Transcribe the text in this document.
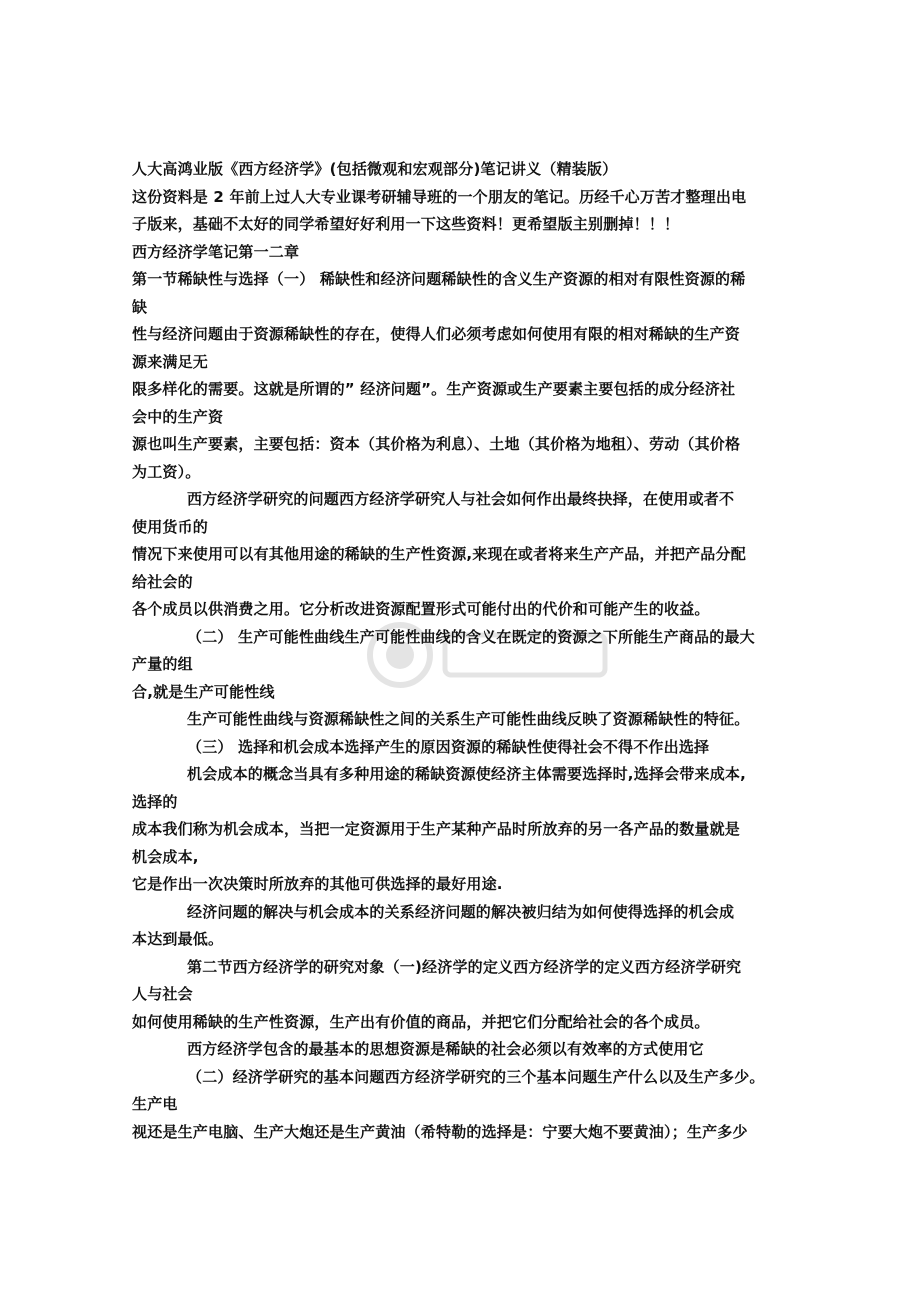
人大高鸿业版《西方经济学》(包括微观和宏观部分)笔记讲义（精装版）
这份资料是 2 年前上过人大专业课考研辅导班的一个朋友的笔记。历经千心万苦才整理出电
子版来，基础不太好的同学希望好好利用一下这些资料！更希望版主别删掉！！！
西方经济学笔记第一二章
第一节稀缺性与选择（一） 稀缺性和经济问题稀缺性的含义生产资源的相对有限性资源的稀
缺
性与经济问题由于资源稀缺性的存在，使得人们必须考虑如何使用有限的相对稀缺的生产资
源来满足无
限多样化的需要。这就是所谓的” 经济问题”。生产资源或生产要素主要包括的成分经济社
会中的生产资
源也叫生产要素，主要包括：资本（其价格为利息）、土地（其价格为地租）、劳动（其价格
为工资）。
西方经济学研究的问题西方经济学研究人与社会如何作出最终抉择，在使用或者不
使用货币的
情况下来使用可以有其他用途的稀缺的生产性资源,来现在或者将来生产产品，并把产品分配
给社会的
各个成员以供消费之用。它分析改进资源配置形式可能付出的代价和可能产生的收益。
（二） 生产可能性曲线生产可能性曲线的含义在既定的资源之下所能生产商品的最大
产量的组
合,就是生产可能性线
生产可能性曲线与资源稀缺性之间的关系生产可能性曲线反映了资源稀缺性的特征。
（三） 选择和机会成本选择产生的原因资源的稀缺性使得社会不得不作出选择
机会成本的概念当具有多种用途的稀缺资源使经济主体需要选择时,选择会带来成本,
选择的
成本我们称为机会成本，当把一定资源用于生产某种产品时所放弃的另一各产品的数量就是
机会成本,
它是作出一次决策时所放弃的其他可供选择的最好用途.
经济问题的解决与机会成本的关系经济问题的解决被归结为如何使得选择的机会成
本达到最低。
第二节西方经济学的研究对象（一)经济学的定义西方经济学的定义西方经济学研究
人与社会
如何使用稀缺的生产性资源，生产出有价值的商品，并把它们分配给社会的各个成员。
西方经济学包含的最基本的思想资源是稀缺的社会必须以有效率的方式使用它
（二）经济学研究的基本问题西方经济学研究的三个基本问题生产什么以及生产多少。
生产电
视还是生产电脑、生产大炮还是生产黄油（希特勒的选择是：宁要大炮不要黄油）；生产多少
